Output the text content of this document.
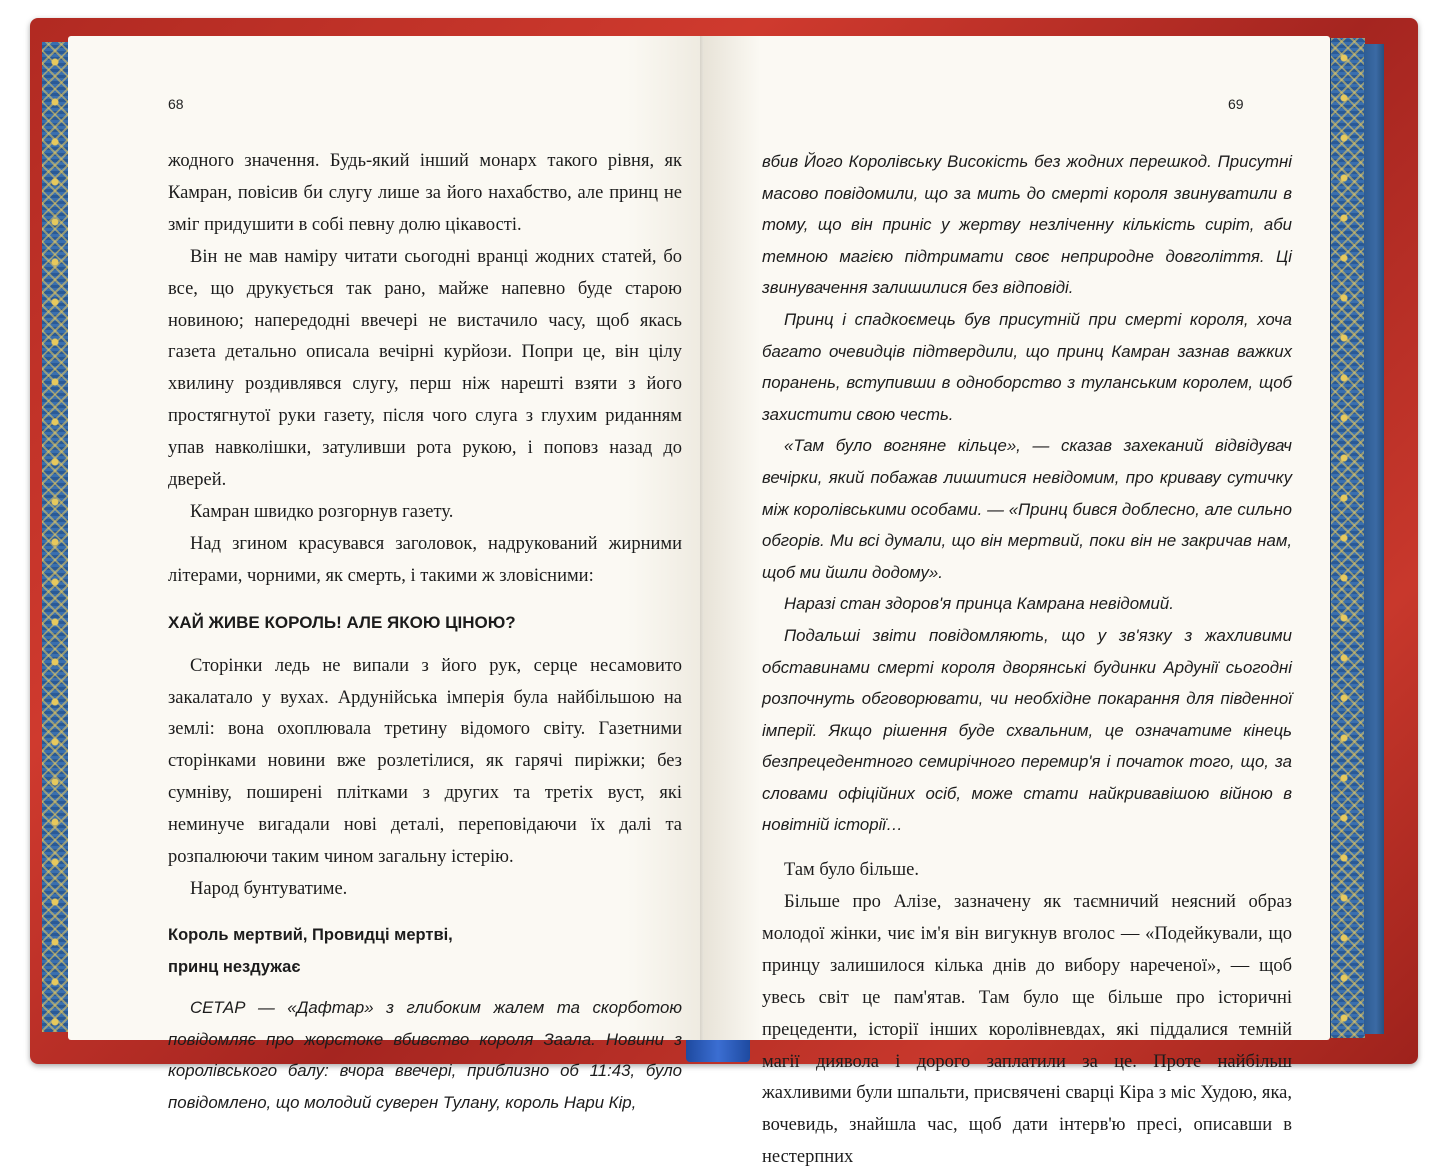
68

жодного значення. Будь-який інший монарх такого рівня, як Камран, повісив би слугу лише за його нахабство, але принц не зміг придушити в собі певну долю цікавості.

Він не мав наміру читати сьогодні вранці жодних статей, бо все, що друкується так рано, майже напевно буде старою новиною; напередодні ввечері не вистачило часу, щоб якась газета детально описала вечірні курйози. Попри це, він цілу хвилину роздивлявся слугу, перш ніж нарешті взяти з його простягнутої руки газету, після чого слуга з глухим риданням упав навколішки, затуливши рота рукою, і поповз назад до дверей.

Камран швидко розгорнув газету.

Над згином красувався заголовок, надрукований жирними літерами, чорними, як смерть, і такими ж зловісними:

ХАЙ ЖИВЕ КОРОЛЬ! АЛЕ ЯКОЮ ЦІНОЮ?

Сторінки ледь не випали з його рук, серце несамовито закалатало у вухах. Ардунійська імперія була найбільшою на землі: вона охоплювала третину відомого світу. Газетними сторінками новини вже розлетілися, як гарячі пиріжки; без сумніву, поширені плітками з других та третіх вуст, які неминуче вигадали нові деталі, переповідаючи їх далі та розпалюючи таким чином загальну істерію.

Народ бунтуватиме.

Король мертвий, Провидці мертві,

принц нездужає

СЕТАР — «Дафтар» з глибоким жалем та скорботою повідомляє про жорстоке вбивство короля Заала. Новини з королівського балу: вчора ввечері, приблизно об 11:43, було повідомлено, що молодий суверен Тулану, король Нари Кір,

69

вбив Його Королівську Високість без жодних перешкод. Присутні масово повідомили, що за мить до смерті короля звинуватили в тому, що він приніс у жертву незліченну кількість сиріт, аби темною магією підтримати своє неприродне довголіття. Ці звинувачення залишилися без відповіді.

Принц і спадкоємець був присутній при смерті короля, хоча багато очевидців підтвердили, що принц Камран зазнав важких поранень, вступивши в одноборство з туланським королем, щоб захистити свою честь.

«Там було вогняне кільце», — сказав захеканий відвідувач вечірки, який побажав лишитися невідомим, про криваву сутичку між королівськими особами. — «Принц бився доблесно, але сильно обгорів. Ми всі думали, що він мертвий, поки він не закричав нам, щоб ми йшли додому».

Наразі стан здоров'я принца Камрана невідомий.

Подальші звіти повідомляють, що у зв'язку з жахливими обставинами смерті короля дворянські будинки Ардунії сьогодні розпочнуть обговорювати, чи необхідне покарання для південної імперії. Якщо рішення буде схвальним, це означатиме кінець безпрецедентного семирічного перемир'я і початок того, що, за словами офіційних осіб, може стати найкривавішою війною в новітній історії…

Там було більше.

Більше про Алізе, зазначену як таємничий неясний образ молодої жінки, чиє ім'я він вигукнув вголос — «Подейкували, що принцу залишилося кілька днів до вибору нареченої», — щоб увесь світ це пам'ятав. Там було ще більше про історичні прецеденти, історії інших королівневдах, які піддалися темній магії диявола і дорого заплатили за це. Проте найбільш жахливими були шпальти, присвячені сварці Кіра з міс Худою, яка, вочевидь, знайшла час, щоб дати інтерв'ю пресі, описавши в нестерпних
